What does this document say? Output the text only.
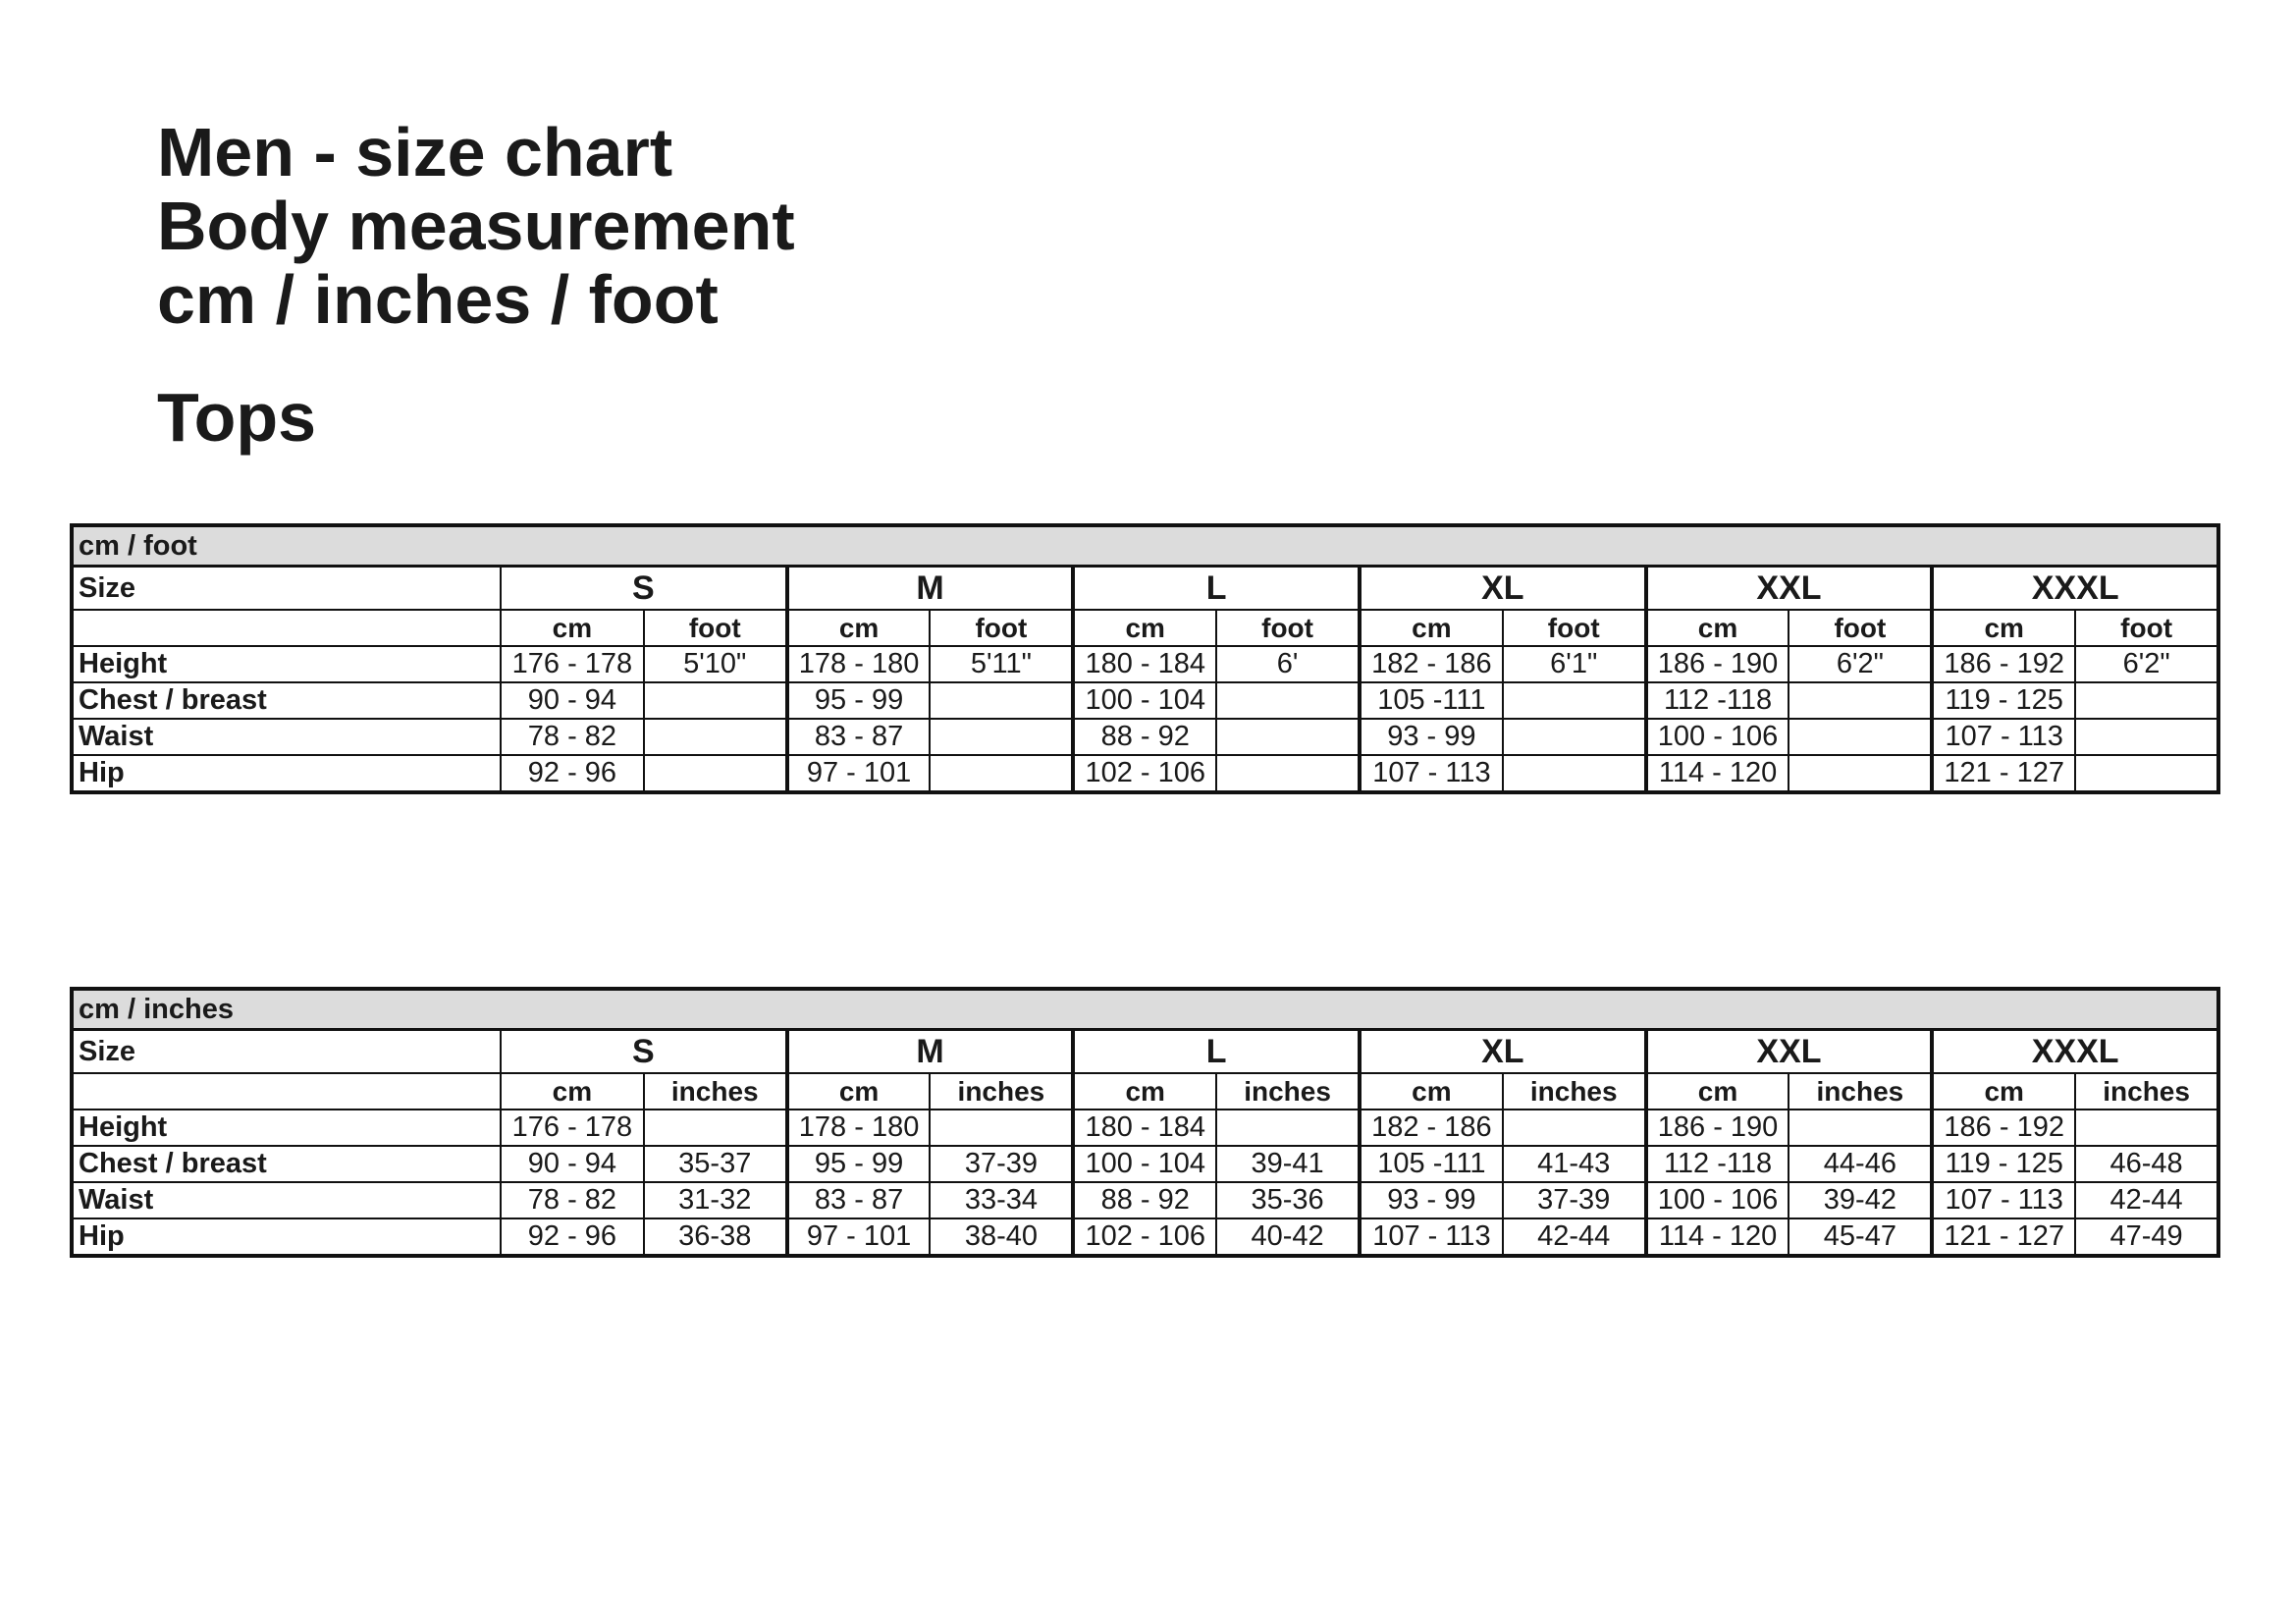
Men - size chart

Body measurement

cm / inches / foot

Tops

cm / foot												
Size	S		M		L		XL		XXL		XXXL	
	cm	foot	cm	foot	cm	foot	cm	foot	cm	foot	cm	foot
Height	176 - 178	5'10"	178 - 180	5'11"	180 - 184	6'	182 - 186	6'1"	186 - 190	6'2"	186 - 192	6'2"
Chest / breast	90 - 94		95 - 99		100 - 104		105 -111		112 -118		119 - 125	
Waist	78 - 82		83 - 87		88 - 92		93 - 99		100 - 106		107 - 113	
Hip	92 - 96		97 - 101		102 - 106		107 - 113		114 - 120		121 - 127	
cm / inches												
Size	S		M		L		XL		XXL		XXXL	
	cm	inches	cm	inches	cm	inches	cm	inches	cm	inches	cm	inches
Height	176 - 178		178 - 180		180 - 184		182 - 186		186 - 190		186 - 192	
Chest / breast	90 - 94	35-37	95 - 99	37-39	100 - 104	39-41	105 -111	41-43	112 -118	44-46	119 - 125	46-48
Waist	78 - 82	31-32	83 - 87	33-34	88 - 92	35-36	93 - 99	37-39	100 - 106	39-42	107 - 113	42-44
Hip	92 - 96	36-38	97 - 101	38-40	102 - 106	40-42	107 - 113	42-44	114 - 120	45-47	121 - 127	47-49
